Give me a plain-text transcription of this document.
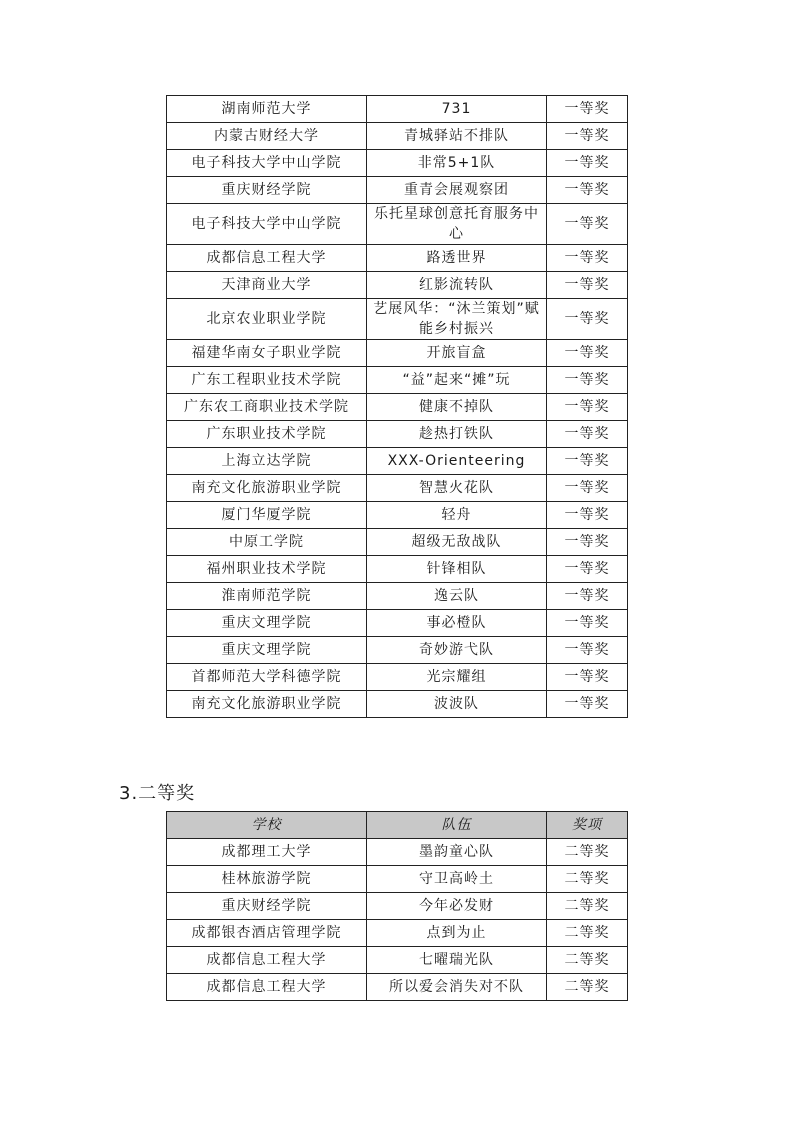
湖南师范大学	731	一等奖
内蒙古财经大学	青城驿站不排队	一等奖
电子科技大学中山学院	非常5+1队	一等奖
重庆财经学院	重青会展观察团	一等奖
电子科技大学中山学院	乐托星球创意托育服务中心	一等奖
成都信息工程大学	路透世界	一等奖
天津商业大学	红影流转队	一等奖
北京农业职业学院	艺展风华：“沐兰策划”赋能乡村振兴	一等奖
福建华南女子职业学院	开旅盲盒	一等奖
广东工程职业技术学院	“益”起来“摊”玩	一等奖
广东农工商职业技术学院	健康不掉队	一等奖
广东职业技术学院	趁热打铁队	一等奖
上海立达学院	XXX-Orienteering	一等奖
南充文化旅游职业学院	智慧火花队	一等奖
厦门华厦学院	轻舟	一等奖
中原工学院	超级无敌战队	一等奖
福州职业技术学院	针锋相队	一等奖
淮南师范学院	逸云队	一等奖
重庆文理学院	事必橙队	一等奖
重庆文理学院	奇妙游弋队	一等奖
首都师范大学科德学院	光宗耀组	一等奖
南充文化旅游职业学院	波波队	一等奖
3.二等奖
学校	队伍	奖项
成都理工大学	墨韵童心队	二等奖
桂林旅游学院	守卫高岭土	二等奖
重庆财经学院	今年必发财	二等奖
成都银杏酒店管理学院	点到为止	二等奖
成都信息工程大学	七曜瑞光队	二等奖
成都信息工程大学	所以爱会消失对不队	二等奖
